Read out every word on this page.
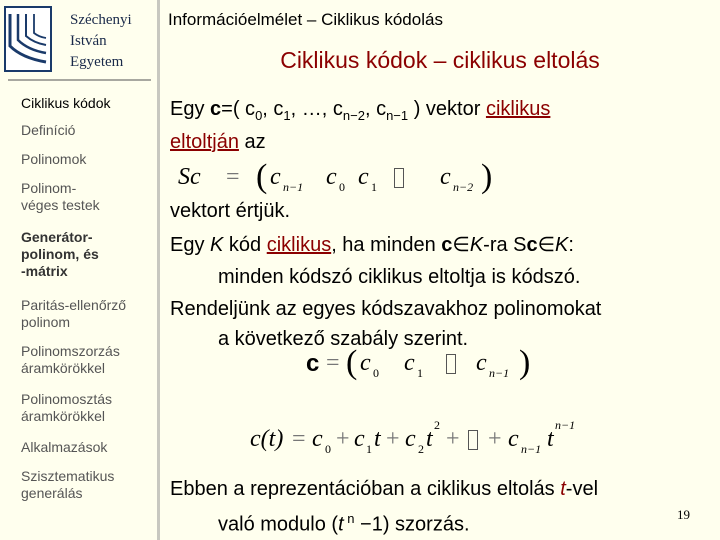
Széchenyi
István
Egyetem
Információelmélet – Ciklikus kódolás
Ciklikus kódok – ciklikus eltolás
Ciklikus kódok
Definíció
Polinomok
Polinom-
véges testek
Generátor-
polinom, és
-mátrix
Paritás-ellenőrző
polinom
Polinomszorzás
áramkörökkel
Polinomosztás
áramkörökkel
Alkalmazások
Szisztematikus
generálás
Egy c=( $c_0$, $c_1$, …, $c_{n-2}$, $c_{n-1}$ ) vektor ciklikus
eltoltján az
Sc = ( c n−1 c 0 c 1	c n−2 )
vektort értjük.
Egy K kód ciklikus, ha minden c∈K-ra Sc∈K:
minden kódszó ciklikus eltoltja is kódszó.
Rendeljünk az egyes kódszavakhoz polinomokat
a következő szabály szerint.
c = ( c 0 c 1 c n−1 )
c(t) = c 0 + c 1 t + c 2 t
2
+ + c n−1 t
n−1
Ebben a reprezentációban a ciklikus eltolás t-vel
való modulo (t $^n$ −1) szorzás.	19
